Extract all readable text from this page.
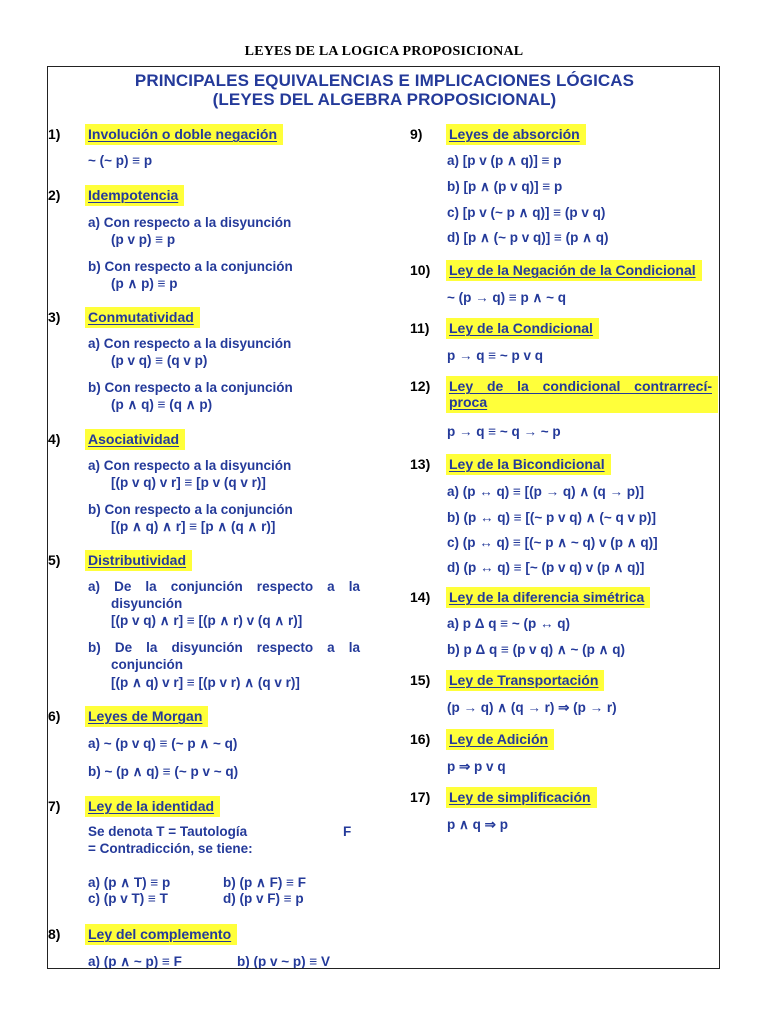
LEYES DE LA LOGICA PROPOSICIONAL
PRINCIPALES EQUIVALENCIAS E IMPLICACIONES LÓGICAS
(LEYES DEL ALGEBRA PROPOSICIONAL)
1) Involución o doble negación
~ (~ p) ≡ p
2) Idempotencia
a) Con respecto a la disyunción
(p v p) ≡ p
b) Con respecto a la conjunción
(p ∧ p) ≡ p
3) Conmutatividad
a) Con respecto a la disyunción
(p v q) ≡ (q v p)
b) Con respecto a la conjunción
(p ∧ q) ≡ (q ∧ p)
4) Asociatividad
a) Con respecto a la disyunción
[(p v q) v r] ≡ [p v (q v r)]
b) Con respecto a la conjunción
[(p ∧ q) ∧ r] ≡ [p ∧ (q ∧ r)]
5) Distributividad
a) De la conjunción respecto a la
disyunción
[(p v q) ∧ r] ≡ [(p ∧ r) v (q ∧ r)]
b) De la disyunción respecto a la
conjunción
[(p ∧ q) v r] ≡ [(p v r) ∧ (q v r)]
6) Leyes de Morgan
a) ~ (p v q) ≡ (~ p ∧ ~ q)
b) ~ (p ∧ q) ≡ (~ p v ~ q)
7) Ley de la identidad
Se denota T = Tautología	F
= Contradicción, se tiene:
a) (p ∧ T) ≡ p	b) (p ∧ F) ≡ F
c) (p v T) ≡ T	d) (p v F) ≡ p
8) Ley del complemento
a) (p ∧ ~ p) ≡ F	b) (p v ~ p) ≡ V
9) Leyes de absorción
a) [p v (p ∧ q)] ≡ p
b) [p ∧ (p v q)] ≡ p
c) [p v (~ p ∧ q)] ≡ (p v q)
d) [p ∧ (~ p v q)] ≡ (p ∧ q)
10) Ley de la Negación de la Condicional
~ (p → q) ≡ p ∧ ~ q
11) Ley de la Condicional
p → q ≡ ~ p v q
12) Ley de la condicional contrarrecí-
proca
p → q ≡ ~ q → ~ p
13) Ley de la Bicondicional
a) (p ↔ q) ≡ [(p → q) ∧ (q → p)]
b) (p ↔ q) ≡ [(~ p v q) ∧ (~ q v p)]
c) (p ↔ q) ≡ [(~ p ∧ ~ q) v (p ∧ q)]
d) (p ↔ q) ≡ [~ (p v q) v (p ∧ q)]
14) Ley de la diferencia simétrica
a) p Δ q ≡ ~ (p ↔ q)
b) p Δ q ≡ (p v q) ∧ ~ (p ∧ q)
15) Ley de Transportación
(p → q) ∧ (q → r) ⇒ (p → r)
16) Ley de Adición
p ⇒ p v q
17) Ley de simplificación
p ∧ q ⇒ p
